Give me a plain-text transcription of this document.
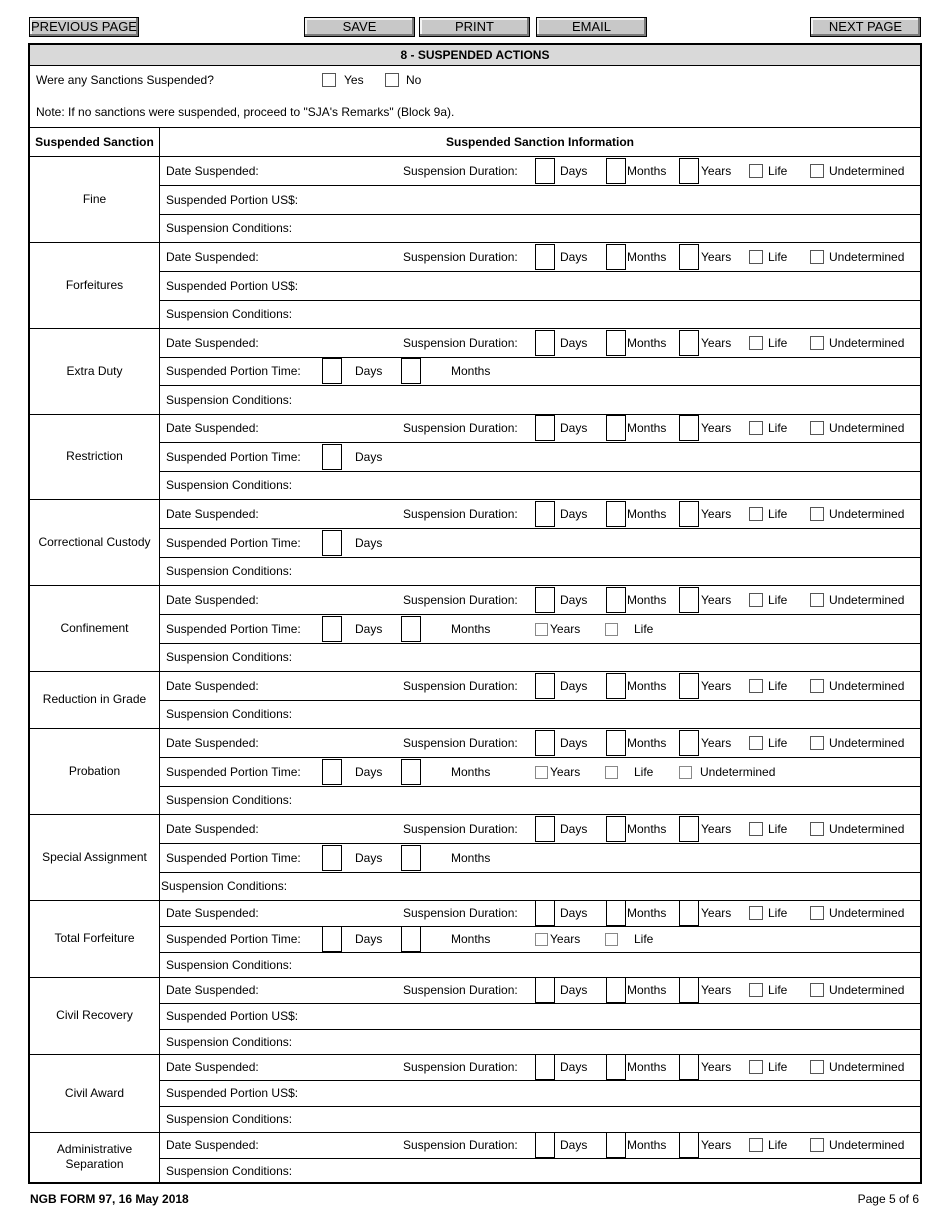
PREVIOUS PAGE	SAVE	PRINT	EMAIL	NEXT PAGE
8 - SUSPENDED ACTIONS
Were any Sanctions Suspended?	Yes	No
Note: If no sanctions were suspended, proceed to "SJA's Remarks" (Block 9a).
Suspended Sanction	Suspended Sanction Information
Fine
Date Suspended:	Suspension Duration:	Days	Months	Years	Life	Undetermined
Suspended Portion US$:
Suspension Conditions:
Forfeitures
Date Suspended:	Suspension Duration:	Days	Months	Years	Life	Undetermined
Suspended Portion US$:
Suspension Conditions:
Extra Duty
Date Suspended:	Suspension Duration:	Days	Months	Years	Life	Undetermined
Suspended Portion Time:	Days	Months
Suspension Conditions:
Restriction
Date Suspended:	Suspension Duration:	Days	Months	Years	Life	Undetermined
Suspended Portion Time:	Days
Suspension Conditions:
Correctional Custody
Date Suspended:	Suspension Duration:	Days	Months	Years	Life	Undetermined
Suspended Portion Time:	Days
Suspension Conditions:
Confinement
Date Suspended:	Suspension Duration:	Days	Months	Years	Life	Undetermined
Suspended Portion Time:	Days	Months	Years	Life
Suspension Conditions:
Reduction in Grade
Date Suspended:	Suspension Duration:	Days	Months	Years	Life	Undetermined
Suspension Conditions:
Probation
Date Suspended:	Suspension Duration:	Days	Months	Years	Life	Undetermined
Suspended Portion Time:	Days	Months	Years	Life	Undetermined
Suspension Conditions:
Special Assignment
Date Suspended:	Suspension Duration:	Days	Months	Years	Life	Undetermined
Suspended Portion Time:	Days	Months
Suspension Conditions:
Total Forfeiture
Date Suspended:	Suspension Duration:	Days	Months	Years	Life	Undetermined
Suspended Portion Time:	Days	Months	Years	Life
Suspension Conditions:
Civil Recovery
Date Suspended:	Suspension Duration:	Days	Months	Years	Life	Undetermined
Suspended Portion US$:
Suspension Conditions:
Civil Award
Date Suspended:	Suspension Duration:	Days	Months	Years	Life	Undetermined
Suspended Portion US$:
Suspension Conditions:
Administrative Separation
Date Suspended:	Suspension Duration:	Days	Months	Years	Life	Undetermined
Suspension Conditions:
NGB FORM 97, 16 May 2018	Page 5 of 6
